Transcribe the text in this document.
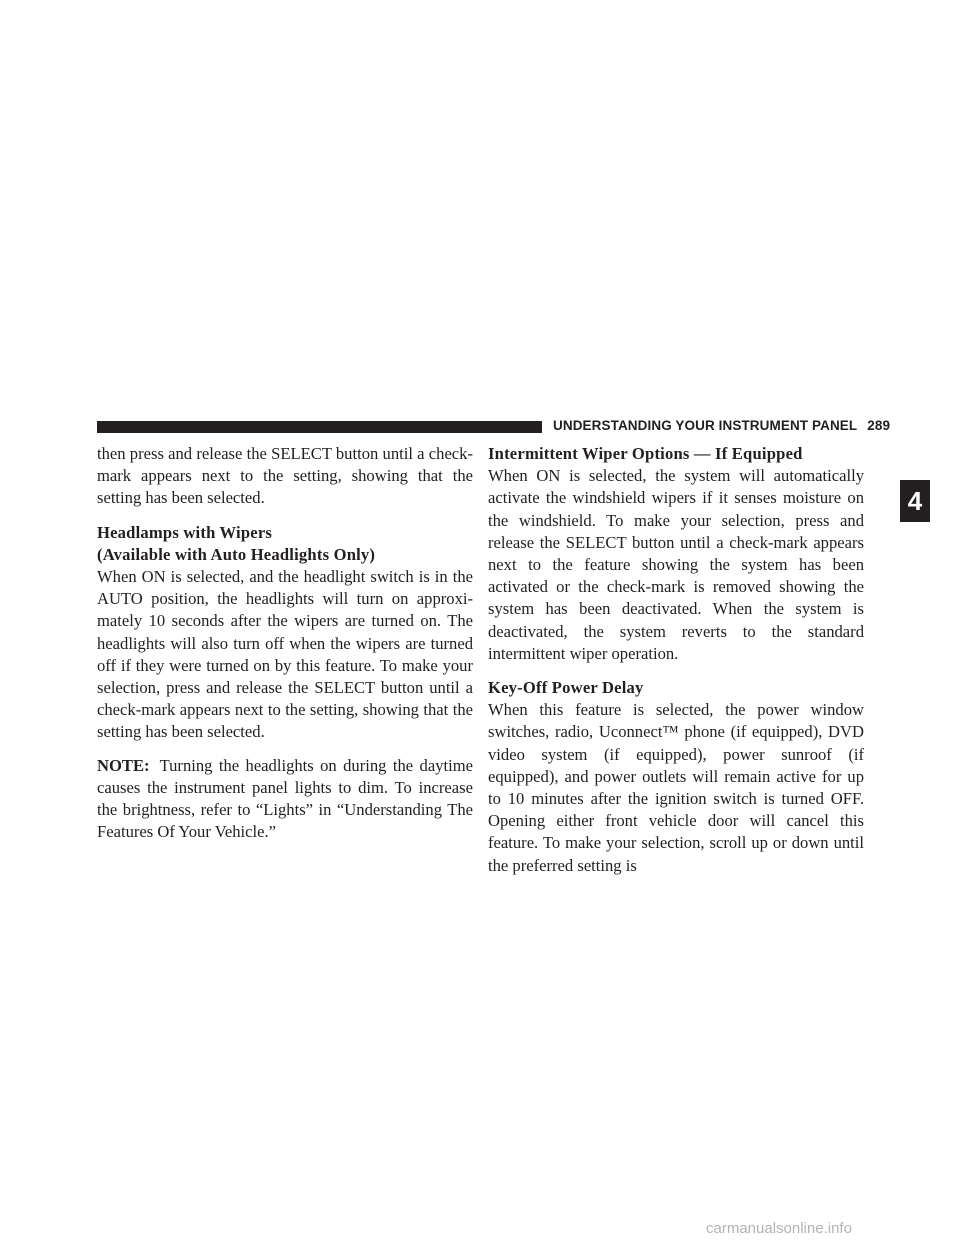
UNDERSTANDING YOUR INSTRUMENT PANEL 289

then press and release the SELECT button until a check-mark appears next to the setting, showing that the setting has been selected.

Headlamps with Wipers
(Available with Auto Headlights Only)

When ON is selected, and the headlight switch is in the AUTO position, the headlights will turn on approxi-mately 10 seconds after the wipers are turned on. The headlights will also turn off when the wipers are turned off if they were turned on by this feature. To make your selection, press and release the SELECT button until a check-mark appears next to the setting, showing that the setting has been selected.

NOTE: Turning the headlights on during the daytime causes the instrument panel lights to dim. To increase the brightness, refer to “Lights” in “Understanding The Features Of Your Vehicle.”

Intermittent Wiper Options — If Equipped

When ON is selected, the system will automatically activate the windshield wipers if it senses moisture on the windshield. To make your selection, press and release the SELECT button until a check-mark appears next to the feature showing the system has been activated or the check-mark is removed showing the system has been deactivated. When the system is deactivated, the system reverts to the standard intermittent wiper operation.

Key-Off Power Delay

When this feature is selected, the power window switches, radio, Uconnect™ phone (if equipped), DVD video system (if equipped), power sunroof (if equipped), and power outlets will remain active for up to 10 minutes after the ignition switch is turned OFF. Opening either front vehicle door will cancel this feature. To make your selection, scroll up or down until the preferred setting is

4
carmanualsonline.info
